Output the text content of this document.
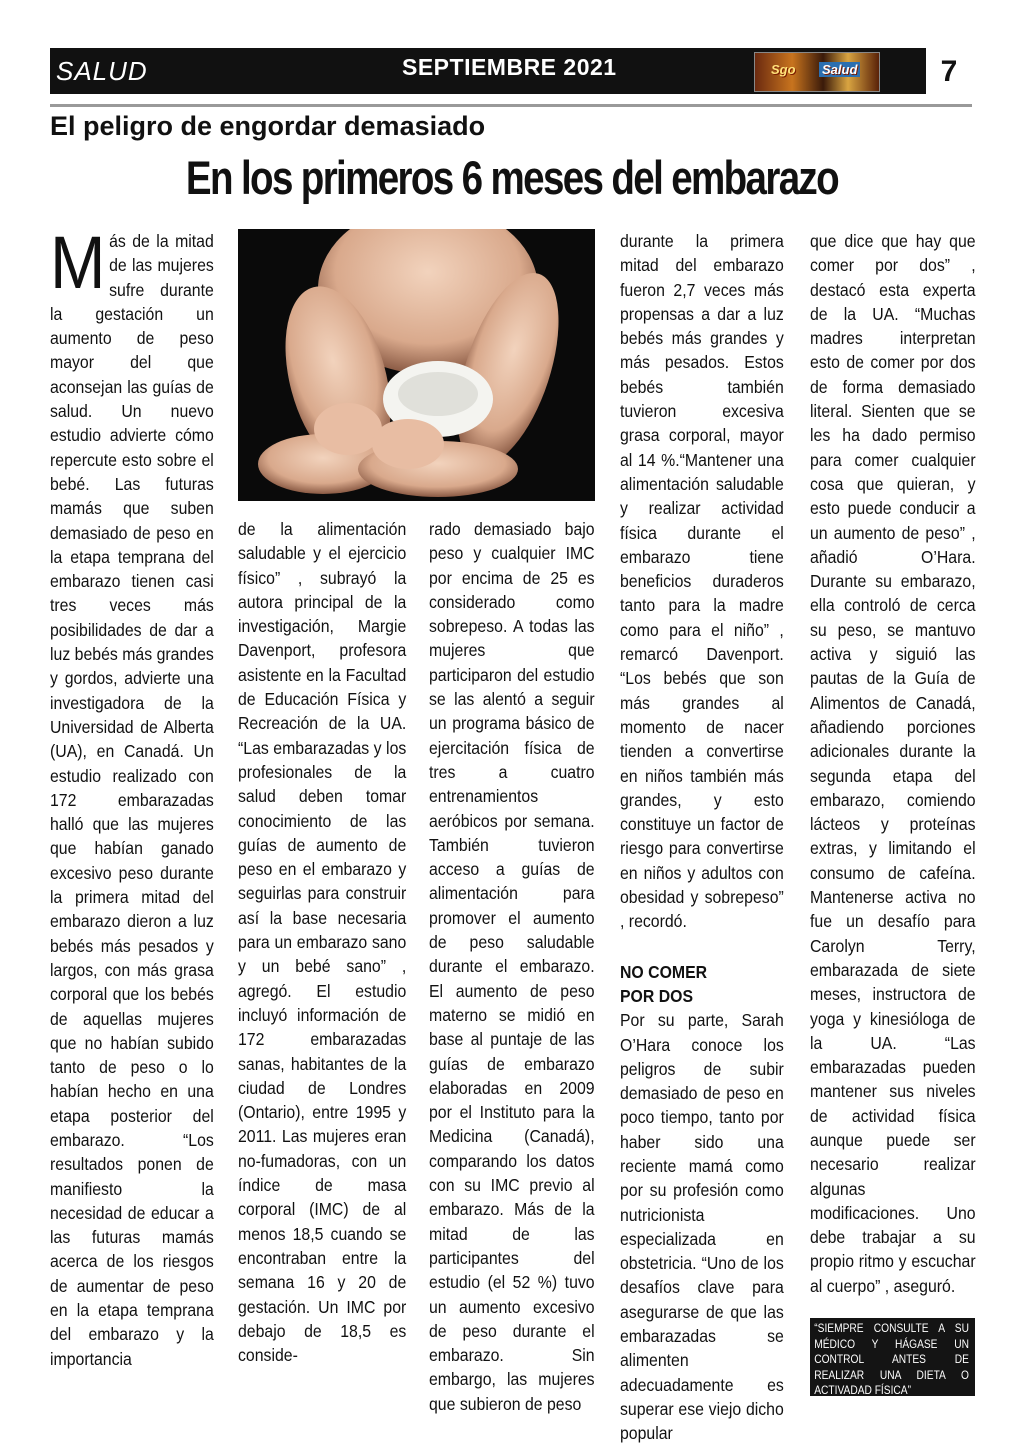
SALUD	SEPTIEMBRE 2021	Sgo Salud	7
El peligro de engordar demasiado
En los primeros 6 meses del embarazo
M ás de la mitad de las mujeres sufre durante la gestación un aumento de peso mayor del que aconsejan las guías de salud. Un nuevo estudio advierte cómo repercute esto sobre el bebé. Las futuras mamás que suben demasiado de peso en la etapa temprana del embarazo tienen casi tres veces más posibilidades de dar a luz bebés más grandes y gordos, advierte una investigadora de la Universidad de Alberta (UA), en Canadá. Un estudio realizado con 172 embarazadas halló que las mujeres que habían ganado excesivo peso durante la primera mitad del embarazo dieron a luz bebés más pesados y largos, con más grasa corporal que los bebés de aquellas mujeres que no habían subido tanto de peso o lo habían hecho en una etapa posterior del embarazo. “Los resultados ponen de manifiesto la necesidad de educar a las futuras mamás acerca de los riesgos de aumentar de peso en la etapa temprana del embarazo y la importancia

de la alimentación saludable y el ejercicio físico” , subrayó la autora principal de la investigación, Margie Davenport, profesora asistente en la Facultad de Educación Física y Recreación de la UA. “Las embarazadas y los profesionales de la salud deben tomar conocimiento de las guías de aumento de peso en el embarazo y seguirlas para construir así la base necesaria para un embarazo sano y un bebé sano” , agregó. El estudio incluyó información de 172 embarazadas sanas, habitantes de la ciudad de Londres (Ontario), entre 1995 y 2011. Las mujeres eran no-fumadoras, con un índice de masa corporal (IMC) de al menos 18,5 cuando se encontraban entre la semana 16 y 20 de gestación. Un IMC por debajo de 18,5 es conside-

rado demasiado bajo peso y cualquier IMC por encima de 25 es considerado como sobrepeso. A todas las mujeres que participaron del estudio se las alentó a seguir un programa básico de ejercitación física de tres a cuatro entrenamientos aeróbicos por semana. También tuvieron acceso a guías de alimentación para promover el aumento de peso saludable durante el embarazo. El aumento de peso materno se midió en base al puntaje de las guías de embarazo elaboradas en 2009 por el Instituto para la Medicina (Canadá), comparando los datos con su IMC previo al embarazo. Más de la mitad de las participantes del estudio (el 52 %) tuvo un aumento excesivo de peso durante el embarazo. Sin embargo, las mujeres que subieron de peso

durante la primera mitad del embarazo fueron 2,7 veces más propensas a dar a luz bebés más grandes y más pesados. Estos bebés también tuvieron excesiva grasa corporal, mayor al 14 %.“Mantener una alimentación saludable y realizar actividad física durante el embarazo tiene beneficios duraderos tanto para la madre como para el niño” , remarcó Davenport. “Los bebés que son más grandes al momento de nacer tienden a convertirse en niños también más grandes, y esto constituye un factor de riesgo para convertirse en niños y adultos con obesidad y sobrepeso” , recordó.

NO COMER POR DOS

Por su parte, Sarah O’Hara conoce los peligros de subir demasiado de peso en poco tiempo, tanto por haber sido una reciente mamá como por su profesión como nutricionista especializada en obstetricia. “Uno de los desafíos clave para asegurarse de que las embarazadas se alimenten adecuadamente es superar ese viejo dicho popular

que dice que hay que comer por dos” , destacó esta experta de la UA. “Muchas madres interpretan esto de comer por dos de forma demasiado literal. Sienten que se les ha dado permiso para comer cualquier cosa que quieran, y esto puede conducir a un aumento de peso” , añadió O’Hara. Durante su embarazo, ella controló de cerca su peso, se mantuvo activa y siguió las pautas de la Guía de Alimentos de Canadá, añadiendo porciones adicionales durante la segunda etapa del embarazo, comiendo lácteos y proteínas extras, y limitando el consumo de cafeína. Mantenerse activa no fue un desafío para Carolyn Terry, embarazada de siete meses, instructora de yoga y kinesióloga de la UA. “Las embarazadas pueden mantener sus niveles de actividad física aunque puede ser necesario realizar algunas modificaciones. Uno debe trabajar a su propio ritmo y escuchar al cuerpo” , aseguró.

“SIEMPRE CONSULTE A SU MÉDICO Y HÁGASE UN CONTROL ANTES DE REALIZAR UNA DIETA O ACTIVADAD FÍSICA”
